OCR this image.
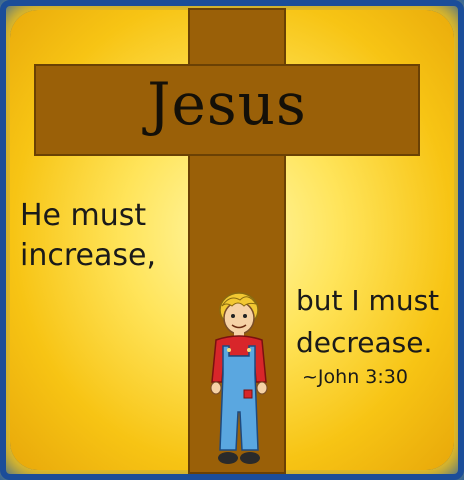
Jesus
He must
increase,
but I must
decrease.
~John 3:30
